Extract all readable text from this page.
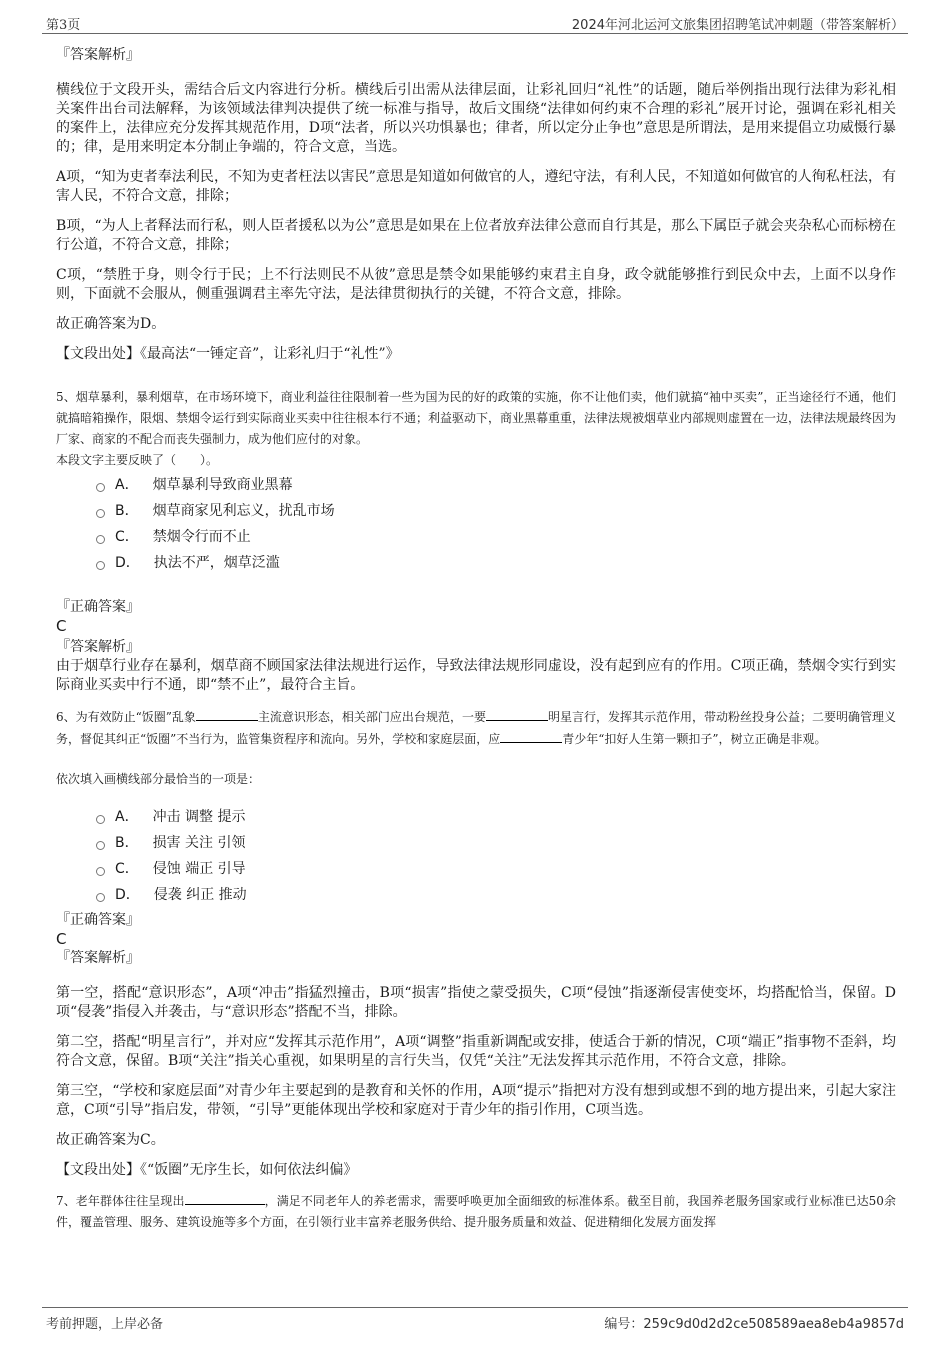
第3页	2024年河北运河文旅集团招聘笔试冲刺题（带答案解析）

『答案解析』

横线位于文段开头，需结合后文内容进行分析。横线后引出需从法律层面，让彩礼回归“礼性”的话题，随后举例指出现行法律为彩礼相关案件出台司法解释，为该领域法律判决提供了统一标准与指导，故后文围绕“法律如何约束不合理的彩礼”展开讨论，强调在彩礼相关的案件上，法律应充分发挥其规范作用，D项“法者，所以兴功惧暴也；律者，所以定分止争也”意思是所谓法，是用来提倡立功威慑行暴的；律，是用来明定本分制止争端的，符合文意，当选。

A项，“知为吏者奉法利民，不知为吏者枉法以害民”意思是知道如何做官的人，遵纪守法，有利人民，不知道如何做官的人徇私枉法，有害人民，不符合文意，排除；

B项，“为人上者释法而行私，则人臣者援私以为公”意思是如果在上位者放弃法律公意而自行其是，那么下属臣子就会夹杂私心而标榜在行公道，不符合文意，排除；

C项，“禁胜于身，则令行于民；上不行法则民不从彼”意思是禁令如果能够约束君主自身，政令就能够推行到民众中去，上面不以身作则，下面就不会服从，侧重强调君主率先守法，是法律贯彻执行的关键，不符合文意，排除。

故正确答案为D。

【文段出处】《最高法“一锤定音”，让彩礼归于“礼性”》

5、烟草暴利，暴利烟草，在市场环境下，商业利益往往限制着一些为国为民的好的政策的实施，你不让他们卖，他们就搞“袖中买卖”，正当途径行不通，他们就搞暗箱操作，限烟、禁烟令运行到实际商业买卖中往往根本行不通；利益驱动下，商业黑幕重重，法律法规被烟草业内部规则虚置在一边，法律法规最终因为厂家、商家的不配合而丧失强制力，成为他们应付的对象。

本段文字主要反映了（　　）。

A． 烟草暴利导致商业黑幕
B． 烟草商家见利忘义，扰乱市场
C． 禁烟令行而不止
D． 执法不严，烟草泛滥

『正确答案』

C

『答案解析』

由于烟草行业存在暴利，烟草商不顾国家法律法规进行运作，导致法律法规形同虚设，没有起到应有的作用。C项正确，禁烟令实行到实际商业买卖中行不通，即“禁不止”，最符合主旨。

6、为有效防止“饭圈”乱象	主流意识形态，相关部门应出台规范，一要	明星言行，发挥其示范作用，带动粉丝投身公益；二要明确管理义务，督促其纠正“饭圈”不当行为，监管集资程序和流向。另外，学校和家庭层面，应	青少年“扣好人生第一颗扣子”，树立正确是非观。

依次填入画横线部分最恰当的一项是：

A． 冲击 调整 提示
B． 损害 关注 引领
C． 侵蚀 端正 引导
D． 侵袭 纠正 推动

『正确答案』

C

『答案解析』

第一空，搭配“意识形态”，A项“冲击”指猛烈撞击，B项“损害”指使之蒙受损失，C项“侵蚀”指逐渐侵害使变坏，均搭配恰当，保留。D项“侵袭”指侵入并袭击，与“意识形态”搭配不当，排除。

第二空，搭配“明星言行”，并对应“发挥其示范作用”，A项“调整”指重新调配或安排，使适合于新的情况，C项“端正”指事物不歪斜，均符合文意，保留。B项“关注”指关心重视，如果明星的言行失当，仅凭“关注”无法发挥其示范作用，不符合文意，排除。

第三空，“学校和家庭层面”对青少年主要起到的是教育和关怀的作用，A项“提示”指把对方没有想到或想不到的地方提出来，引起大家注意，C项“引导”指启发，带领，“引导”更能体现出学校和家庭对于青少年的指引作用，C项当选。

故正确答案为C。

【文段出处】《“饭圈”无序生长，如何依法纠偏》

7、老年群体往往呈现出	，满足不同老年人的养老需求，需要呼唤更加全面细致的标准体系。截至目前，我国养老服务国家或行业标准已达50余件，覆盖管理、服务、建筑设施等多个方面，在引领行业丰富养老服务供给、提升服务质量和效益、促进精细化发展方面发挥

考前押题，上岸必备	编号：259c9d0d2d2ce508589aea8eb4a9857d
